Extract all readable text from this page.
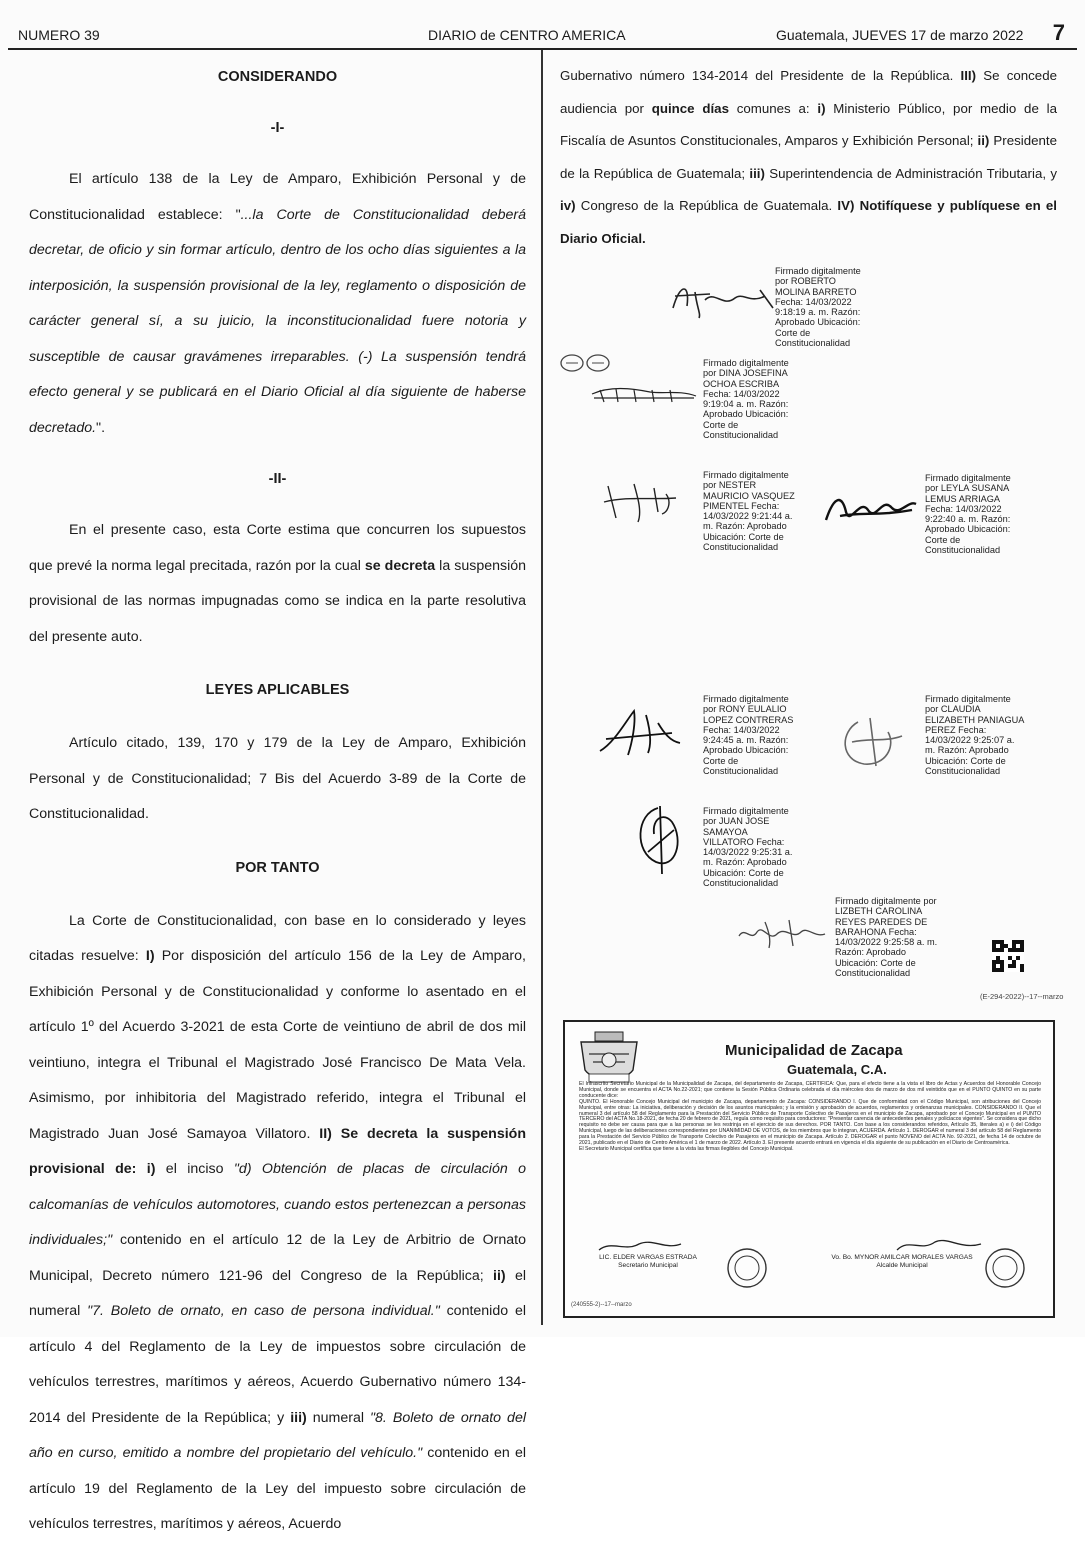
NUMERO 39	DIARIO de CENTRO AMERICA	Guatemala, JUEVES 17 de marzo 2022 7

CONSIDERANDO

-I-

El artículo 138 de la Ley de Amparo, Exhibición Personal y de Constitucionalidad establece: "...la Corte de Constitucionalidad deberá decretar, de oficio y sin formar artículo, dentro de los ocho días siguientes a la interposición, la suspensión provisional de la ley, reglamento o disposición de carácter general sí, a su juicio, la inconstitucionalidad fuere notoria y susceptible de causar gravámenes irreparables. (-) La suspensión tendrá efecto general y se publicará en el Diario Oficial al día siguiente de haberse decretado.".

-II-

En el presente caso, esta Corte estima que concurren los supuestos que prevé la norma legal precitada, razón por la cual se decreta la suspensión provisional de las normas impugnadas como se indica en la parte resolutiva del presente auto.

LEYES APLICABLES

Artículo citado, 139, 170 y 179 de la Ley de Amparo, Exhibición Personal y de Constitucionalidad; 7 Bis del Acuerdo 3-89 de la Corte de Constitucionalidad.

POR TANTO

La Corte de Constitucionalidad, con base en lo considerado y leyes citadas resuelve: I) Por disposición del artículo 156 de la Ley de Amparo, Exhibición Personal y de Constitucionalidad y conforme lo asentado en el artículo 1º del Acuerdo 3-2021 de esta Corte de veintiuno de abril de dos mil veintiuno, integra el Tribunal el Magistrado José Francisco De Mata Vela. Asimismo, por inhibitoria del Magistrado referido, integra el Tribunal el Magistrado Juan José Samayoa Villatoro. II) Se decreta la suspensión provisional de: i) el inciso "d) Obtención de placas de circulación o calcomanías de vehículos automotores, cuando estos pertenezcan a personas individuales;" contenido en el artículo 12 de la Ley de Arbitrio de Ornato Municipal, Decreto número 121-96 del Congreso de la República; ii) el numeral "7. Boleto de ornato, en caso de persona individual." contenido el artículo 4 del Reglamento de la Ley de impuestos sobre circulación de vehículos terrestres, marítimos y aéreos, Acuerdo Gubernativo número 134-2014 del Presidente de la República; y iii) numeral "8. Boleto de ornato del año en curso, emitido a nombre del propietario del vehículo." contenido en el artículo 19 del Reglamento de la Ley del impuesto sobre circulación de vehículos terrestres, marítimos y aéreos, Acuerdo

Gubernativo número 134-2014 del Presidente de la República. III) Se concede audiencia por quince días comunes a: i) Ministerio Público, por medio de la Fiscalía de Asuntos Constitucionales, Amparos y Exhibición Personal; ii) Presidente de la República de Guatemala; iii) Superintendencia de Administración Tributaria, y iv) Congreso de la República de Guatemala. IV) Notifíquese y publíquese en el Diario Oficial.

Firmado digitalmente
por ROBERTO
MOLINA BARRETO
Fecha: 14/03/2022
9:18:19 a. m. Razón:
Aprobado Ubicación:
Corte de
Constitucionalidad
Firmado digitalmente
por DINA JOSEFINA
OCHOA ESCRIBA
Fecha: 14/03/2022
9:19:04 a. m. Razón:
Aprobado Ubicación:
Corte de
Constitucionalidad
Firmado digitalmente
por NESTER
MAURICIO VASQUEZ
PIMENTEL Fecha:
14/03/2022 9:21:44 a.
m. Razón: Aprobado
Ubicación: Corte de
Constitucionalidad
Firmado digitalmente
por LEYLA SUSANA
LEMUS ARRIAGA
Fecha: 14/03/2022
9:22:40 a. m. Razón:
Aprobado Ubicación:
Corte de
Constitucionalidad
Firmado digitalmente
por RONY EULALIO
LOPEZ CONTRERAS
Fecha: 14/03/2022
9:24:45 a. m. Razón:
Aprobado Ubicación:
Corte de
Constitucionalidad
Firmado digitalmente
por CLAUDIA
ELIZABETH PANIAGUA
PEREZ Fecha:
14/03/2022 9:25:07 a.
m. Razón: Aprobado
Ubicación: Corte de
Constitucionalidad
Firmado digitalmente
por JUAN JOSE
SAMAYOA
VILLATORO Fecha:
14/03/2022 9:25:31 a.
m. Razón: Aprobado
Ubicación: Corte de
Constitucionalidad
Firmado digitalmente por
LIZBETH CAROLINA
REYES PAREDES DE
BARAHONA Fecha:
14/03/2022 9:25:58 a. m.
Razón: Aprobado
Ubicación: Corte de
Constitucionalidad
(E-294-2022)--17--marzo
Municipalidad de Zacapa
Guatemala, C.A.

El Infrascrito Secretario Municipal de la Municipalidad de Zacapa, del departamento de Zacapa, CERTIFICA: Que, para el efecto tiene a la vista el libro de Actas y Acuerdos del Honorable Concejo Municipal, donde se encuentra el ACTA No.22-2021; que contiene la Sesión Pública Ordinaria celebrada el día miércoles dos de marzo de dos mil veintidós que en el PUNTO QUINTO en su parte conducente dice:

QUINTO. El Honorable Concejo Municipal del municipio de Zacapa, departamento de Zacapa: CONSIDERANDO I. Que de conformidad con el Código Municipal, son atribuciones del Concejo Municipal, entre otras: La iniciativa, deliberación y decisión de los asuntos municipales; y la emisión y aprobación de acuerdos, reglamentos y ordenanzas municipales. CONSIDERANDO II. Que el numeral 3 del artículo 58 del Reglamento para la Prestación del Servicio Público de Transporte Colectivo de Pasajeros en el municipio de Zacapa, aprobado por el Concejo Municipal en el PUNTO TERCERO del ACTA No.18-2021, de fecha 20 de febrero de 2021, regula como requisito para conductores: "Presentar carencia de antecedentes penales y policiacos vigentes". Se considera que dicho requisito no debe ser causa para que a las personas se les restrinja en el ejercicio de sus derechos. POR TANTO. Con base a los considerandos referidos, Artículo 35, literales a) e i) del Código Municipal, luego de las deliberaciones correspondientes por UNANIMIDAD DE VOTOS, de los miembros que lo integran, ACUERDA. Artículo 1. DEROGAR el numeral 3 del artículo 58 del Reglamento para la Prestación del Servicio Público de Transporte Colectivo de Pasajeros en el municipio de Zacapa. Artículo 2. DEROGAR el punto NOVENO del ACTA No. 92-2021, de fecha 14 de octubre de 2021, publicado en el Diario de Centro América el 1 de marzo de 2022. Artículo 3. El presente acuerdo entrará en vigencia el día siguiente de su publicación en el Diario de Centroamérica.

El Secretario Municipal certifica que tiene a la vista las firmas ilegibles del Concejo Municipal.

LIC. ELDER VARGAS ESTRADA
Secretario Municipal
Vo. Bo. MYNOR AMILCAR MORALES VARGAS
Alcalde Municipal
(240555-2)--17--marzo
